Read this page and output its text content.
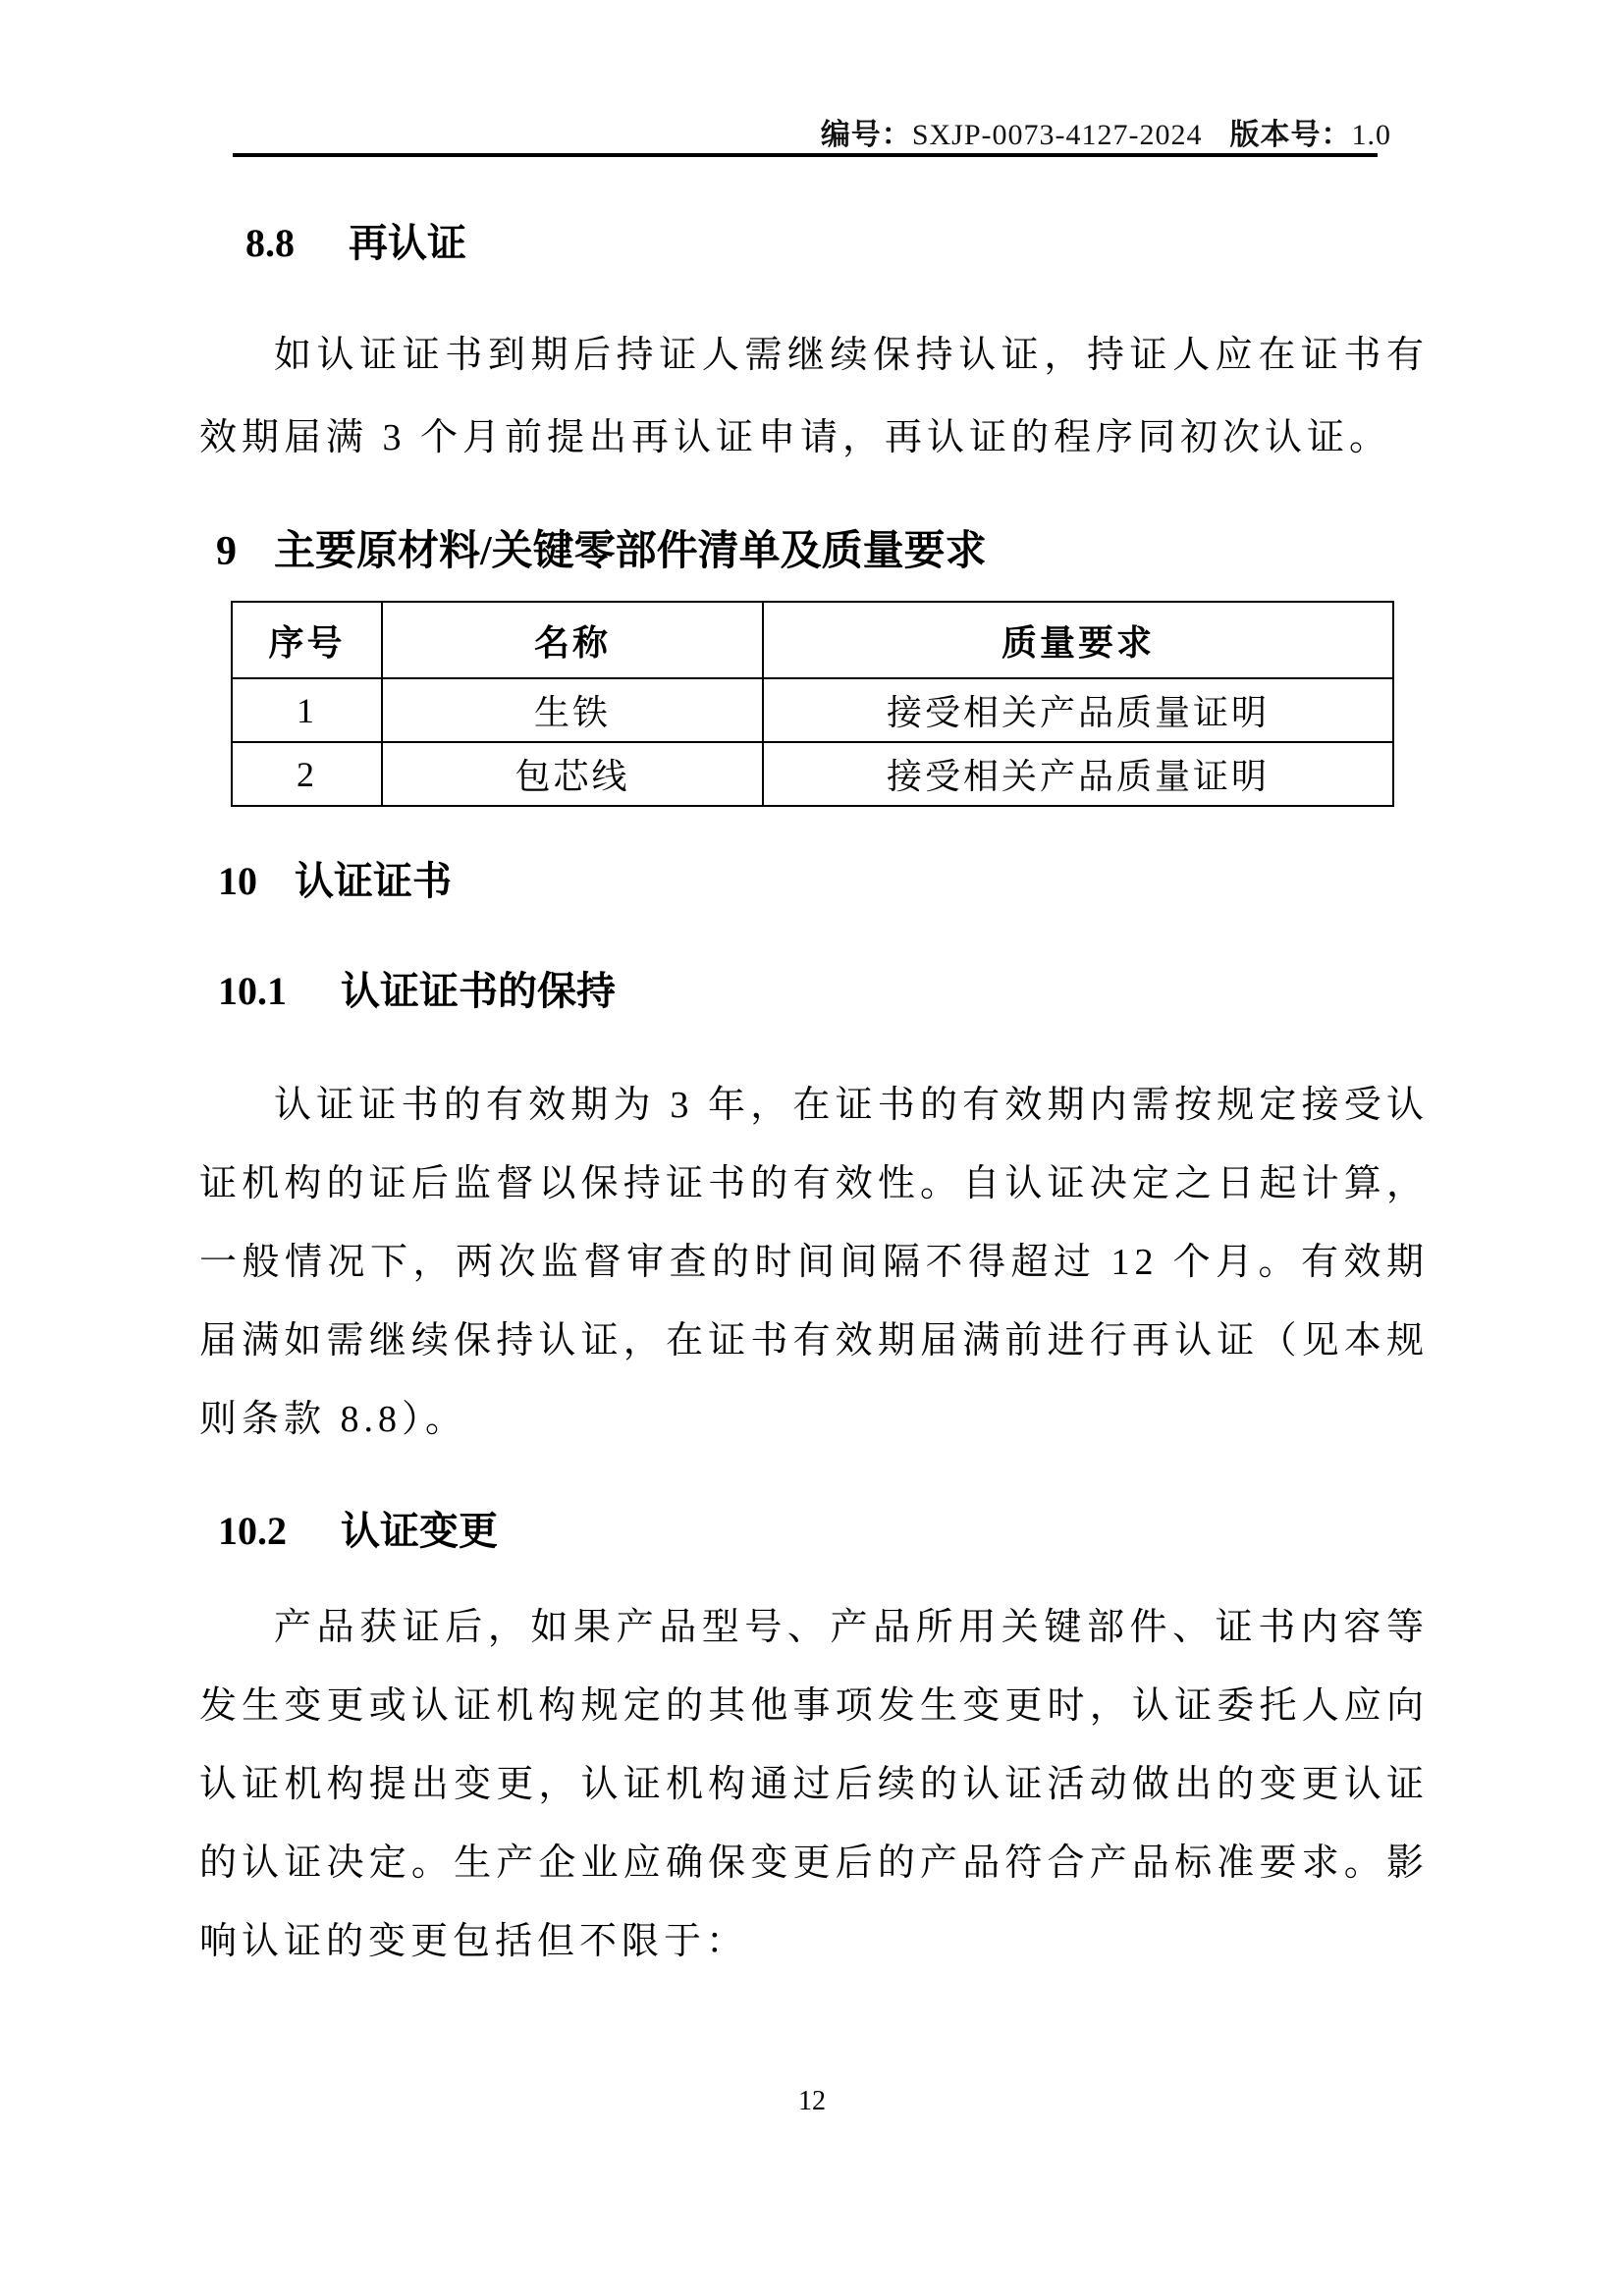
编号：SXJP-0073-4127-2024 版本号：1.0
8.8 再认证

如认证证书到期后持证人需继续保持认证，持证人应在证书有效期届满 3 个月前提出再认证申请，再认证的程序同初次认证。

9 主要原材料/关键零部件清单及质量要求
序号	名称	质量要求
1	生铁	接受相关产品质量证明
2	包芯线	接受相关产品质量证明
10 认证证书
10.1 认证证书的保持

认证证书的有效期为 3 年，在证书的有效期内需按规定接受认证机构的证后监督以保持证书的有效性。自认证决定之日起计算，一般情况下，两次监督审查的时间间隔不得超过 12 个月。有效期届满如需继续保持认证，在证书有效期届满前进行再认证（见本规则条款 8.8）。

10.2 认证变更

产品获证后，如果产品型号、产品所用关键部件、证书内容等发生变更或认证机构规定的其他事项发生变更时，认证委托人应向认证机构提出变更，认证机构通过后续的认证活动做出的变更认证的认证决定。生产企业应确保变更后的产品符合产品标准要求。影响认证的变更包括但不限于：

12
